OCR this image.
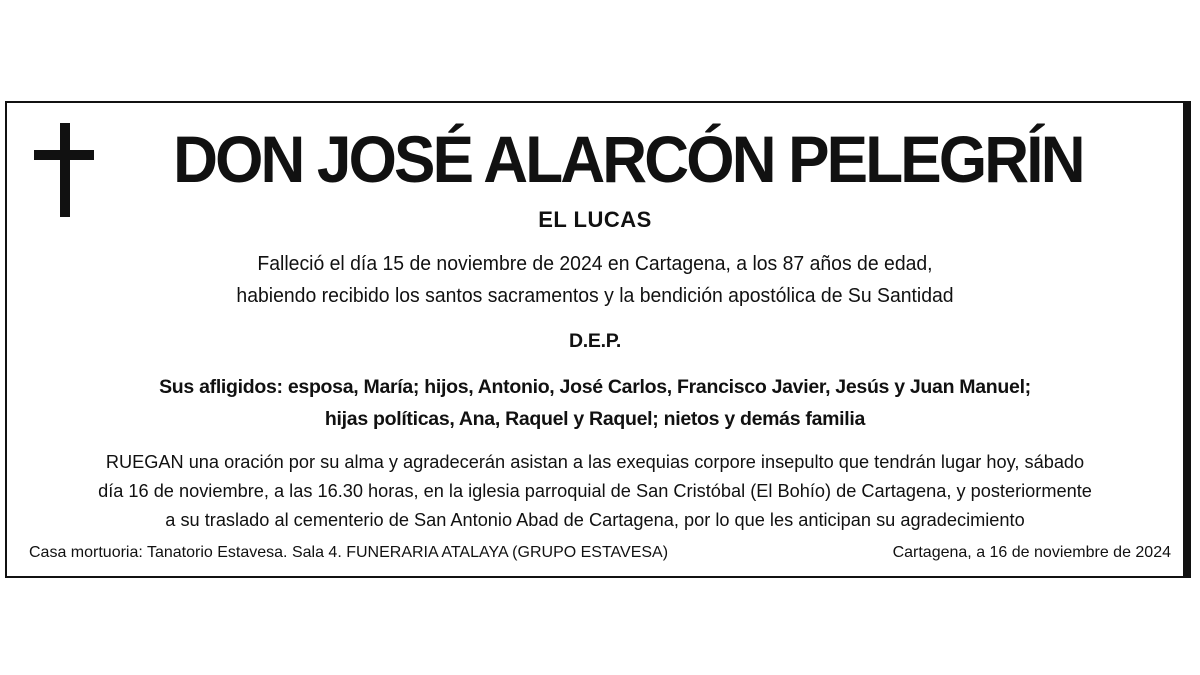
DON JOSÉ ALARCÓN PELEGRÍN
EL LUCAS
Falleció el día 15 de noviembre de 2024 en Cartagena, a los 87 años de edad,
habiendo recibido los santos sacramentos y la bendición apostólica de Su Santidad
D.E.P.
Sus afligidos: esposa, María; hijos, Antonio, José Carlos, Francisco Javier, Jesús y Juan Manuel;
hijas políticas, Ana, Raquel y Raquel; nietos y demás familia
RUEGAN una oración por su alma y agradecerán asistan a las exequias corpore insepulto que tendrán lugar hoy, sábado
día 16 de noviembre, a las 16.30 horas, en la iglesia parroquial de San Cristóbal (El Bohío) de Cartagena, y posteriormente
a su traslado al cementerio de San Antonio Abad de Cartagena, por lo que les anticipan su agradecimiento
Casa mortuoria: Tanatorio Estavesa. Sala 4. FUNERARIA ATALAYA (GRUPO ESTAVESA)	Cartagena, a 16 de noviembre de 2024
